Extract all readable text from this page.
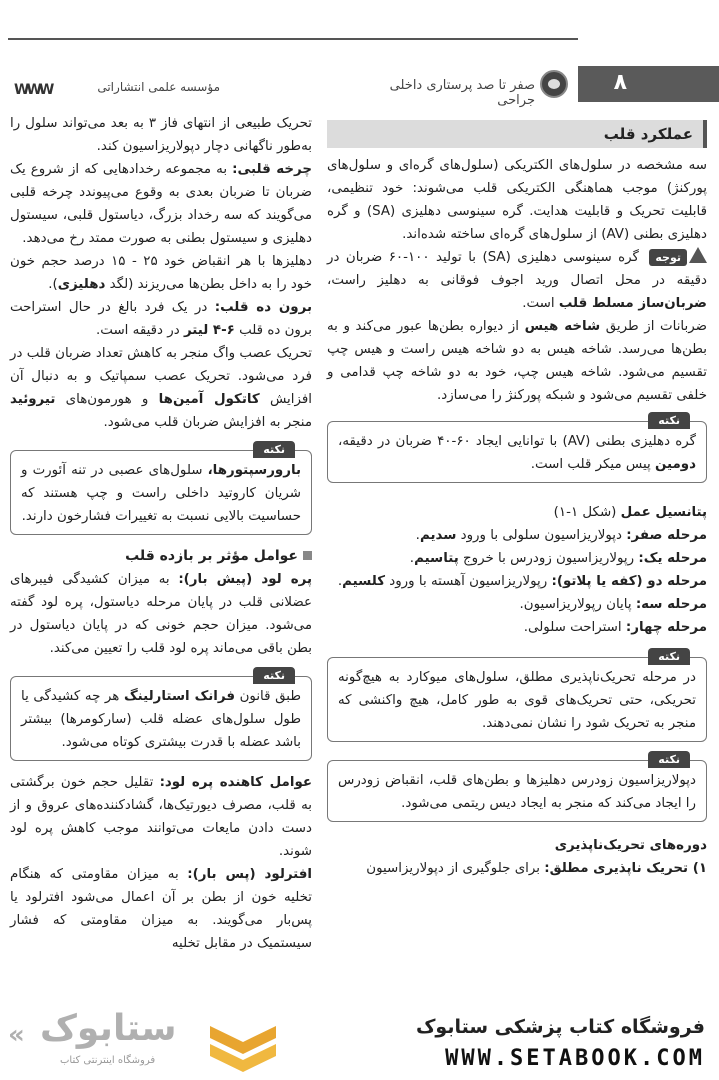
۸
صفر تا صد پرستاری داخلی جراحی
مؤسسه علمی انتشاراتی
WWW
عملکرد قلب

سه مشخصه در سلول‌های الکتریکی (سلول‌های گره‌ای و سلول‌های پورکنژ) موجب هماهنگی الکتریکی قلب می‌شوند: خود تنظیمی، قابلیت تحریک و قابلیت هدایت. گره سینوسی دهلیزی (SA) و گره دهلیزی بطنی (AV) از سلول‌های گره‌ای ساخته شده‌اند.

توجه گره سینوسی دهلیزی (SA) با تولید ۱۰۰-۶۰ ضربان در دقیقه در محل اتصال ورید اجوف فوقانی به دهلیز راست، ضربان‌ساز مسلط قلب است.

ضربانات از طریق شاخه هیس از دیواره بطن‌ها عبور می‌کند و به بطن‌ها می‌رسد. شاخه هیس به دو شاخه هیس راست و هیس چپ تقسیم می‌شود. شاخه هیس چپ، خود به دو شاخه چپ قدامی و خلفی تقسیم می‌شود و شبکه پورکنژ را می‌سازد.

نکته

گره دهلیزی بطنی (AV) با توانایی ایجاد ۶۰-۴۰ ضربان در دقیقه، دومین پیس میکر قلب است.

پتانسیل عمل (شکل ۱-۱)

مرحله صفر: دپولاریزاسیون سلولی با ورود سدیم.

مرحله یک: رپولاریزاسیون زودرس با خروج پتاسیم.

مرحله دو (کفه یا پلاتو): رپولاریزاسیون آهسته با ورود کلسیم.

مرحله سه: پایان رپولاریزاسیون.

مرحله چهار: استراحت سلولی.

نکته

در مرحله تحریک‌ناپذیری مطلق، سلول‌های میوکارد به هیچ‌گونه تحریکی، حتی تحریک‌های قوی به طور کامل، هیچ واکنشی که منجر به تحریک شود را نشان نمی‌دهند.

نکته

دپولاریزاسیون زودرس دهلیزها و بطن‌های قلب، انقباض زودرس را ایجاد می‌کند که منجر به ایجاد دیس ریتمی می‌شود.

دوره‌های تحریک‌ناپذیری

۱) تحریک ناپذیری مطلق: برای جلوگیری از دپولاریزاسیون

تحریک طبیعی از انتهای فاز ۳ به بعد می‌تواند سلول را به‌طور ناگهانی دچار دپولاریزاسیون کند.

چرخه قلبی: به مجموعه رخدادهایی که از شروع یک ضربان تا ضربان بعدی به وقوع می‌پیوندد چرخه قلبی می‌گویند که سه رخداد بزرگ، دیاستول قلبی، سیستول دهلیزی و سیستول بطنی به صورت ممتد رخ می‌دهد.

دهلیزها با هر انقباض خود ۲۵ - ۱۵ درصد حجم خون خود را به داخل بطن‌ها می‌ریزند (لگد دهلیزی).

برون ده قلب: در یک فرد بالغ در حال استراحت برون ده قلب ۶-۴ لیتر در دقیقه است.

تحریک عصب واگ منجر به کاهش تعداد ضربان قلب در فرد می‌شود. تحریک عصب سمپاتیک و به دنبال آن افزایش کاتکول آمین‌ها و هورمون‌های تیروئید منجر به افزایش ضربان قلب می‌شود.

نکته

بارورسپتورها، سلول‌های عصبی در تنه آئورت و شریان کاروتید داخلی راست و چپ هستند که حساسیت بالایی نسبت به تغییرات فشارخون دارند.

عوامل مؤثر بر بازده قلب

پره لود (پیش بار): به میزان کشیدگی فیبرهای عضلانی قلب در پایان مرحله دیاستول، پره لود گفته می‌شود. میزان حجم خونی که در پایان دیاستول در بطن باقی می‌ماند پره لود قلب را تعیین می‌کند.

نکته

طبق قانون فرانک استارلینگ هر چه کشیدگی یا طول سلول‌های عضله قلب (سارکومرها) بیشتر باشد عضله با قدرت بیشتری کوتاه می‌شود.

عوامل کاهنده پره لود: تقلیل حجم خون برگشتی به قلب، مصرف دیورتیک‌ها، گشادکننده‌های عروق و از دست دادن مایعات می‌توانند موجب کاهش پره لود شوند.

افترلود (پس بار): به میزان مقاومتی که هنگام تخلیه خون از بطن بر آن اعمال می‌شود افترلود یا پس‌بار می‌گویند. به میزان مقاومتی که فشار سیستمیک در مقابل تخلیه

فروشگاه کتاب پزشکی ستابوک
WWW.SETABOOK.COM
« ستابوک
فروشگاه اینترنتی کتاب
